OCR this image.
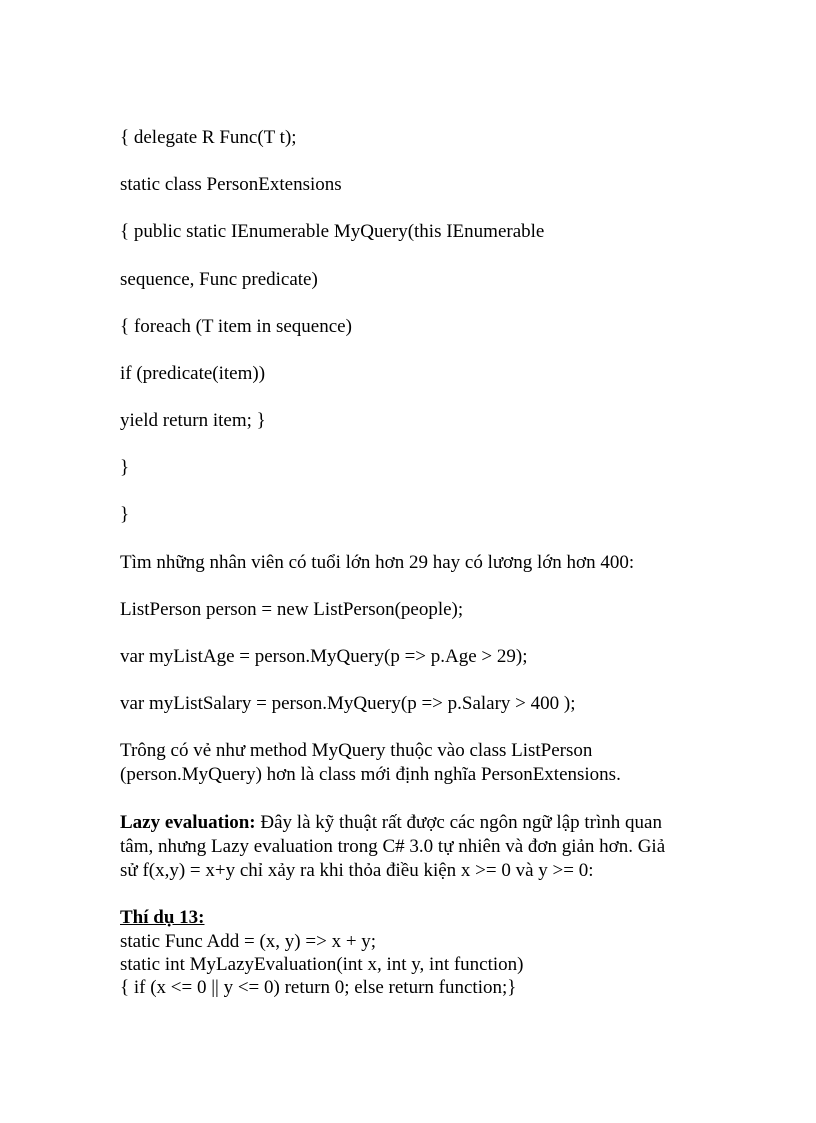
{ delegate R Func(T t);
static class PersonExtensions
{ public static IEnumerable MyQuery(this IEnumerable
sequence, Func predicate)
{ foreach (T item in sequence)
if (predicate(item))
yield return item; }
}
}
Tìm những nhân viên có tuổi lớn hơn 29 hay có lương lớn hơn 400:
ListPerson person = new ListPerson(people);
var myListAge = person.MyQuery(p => p.Age > 29);
var myListSalary = person.MyQuery(p => p.Salary > 400 );
Trông có vẻ như method MyQuery thuộc vào class ListPerson
(person.MyQuery) hơn là class mới định nghĩa PersonExtensions.
Lazy evaluation: Đây là kỹ thuật rất được các ngôn ngữ lập trình quan
tâm, nhưng Lazy evaluation trong C# 3.0 tự nhiên và đơn giản hơn. Giả
sử f(x,y) = x+y chỉ xảy ra khi thỏa điều kiện x >= 0 và y >= 0:
Thí dụ 13:
static Func Add = (x, y) => x + y;
static int MyLazyEvaluation(int x, int y, int function)
{ if (x <= 0 || y <= 0) return 0; else return function;}
